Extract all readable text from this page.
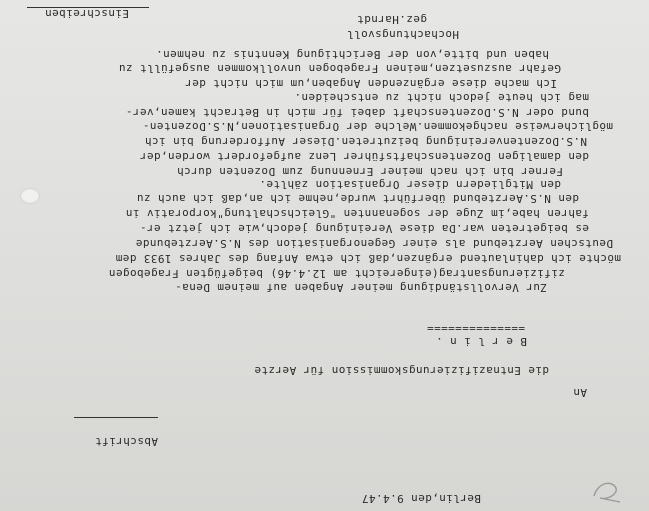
Berlin,den 9.4.47
Abschrift
An
die Entnazifizierungskommission für Aerzte
B e r l i n .
==============
Zur Vervollständigung meiner Angaben auf meinem Dena-
zifizierungsantrag(eingereicht am 12.4.46) beigefügten Fragebogen
möchte ich dahinlautend ergänzen,daß ich etwa Anfang des Jahres 1933 dem
Deutschen Aerztebund als einer Gegenorganisation des N.S.Aerztebunde
es beigetreten war.Da diese Vereinigung jedoch,wie ich jetzt er-
fahren habe,im Zuge der sogenannten "Gleichschaltung"korporativ in
den N.S.Aerztebund überführt wurde,nehme ich an,daß ich auch zu
den Mitgliedern dieser Organisation zählte.
Ferner bin ich nach meiner Ernennung zum Dozenten durch
den damaligen Dozentenschaftsführer Lenz aufgefordert worden,der
N.S.Dozentenvereinigung beizutreten.Dieser Aufforderung bin ich
möglicherweise nachgekommen.Welche der Organisationen,N.S.Dozenten-
bund oder N.S.Dozentenschaft dabei für mich in Betracht kamen,ver-
mag ich heute jedoch nicht zu entscheiden.
Ich mache diese ergänzenden Angaben,um mich nicht der
Gefahr auszusetzen,meinen Fragebogen unvollkommen ausgefüllt zu
haben und bitte,von der Berichtigung Kenntnis zu nehmen.
Hochachtungsvoll
gez.Harndt
Einschreiben
